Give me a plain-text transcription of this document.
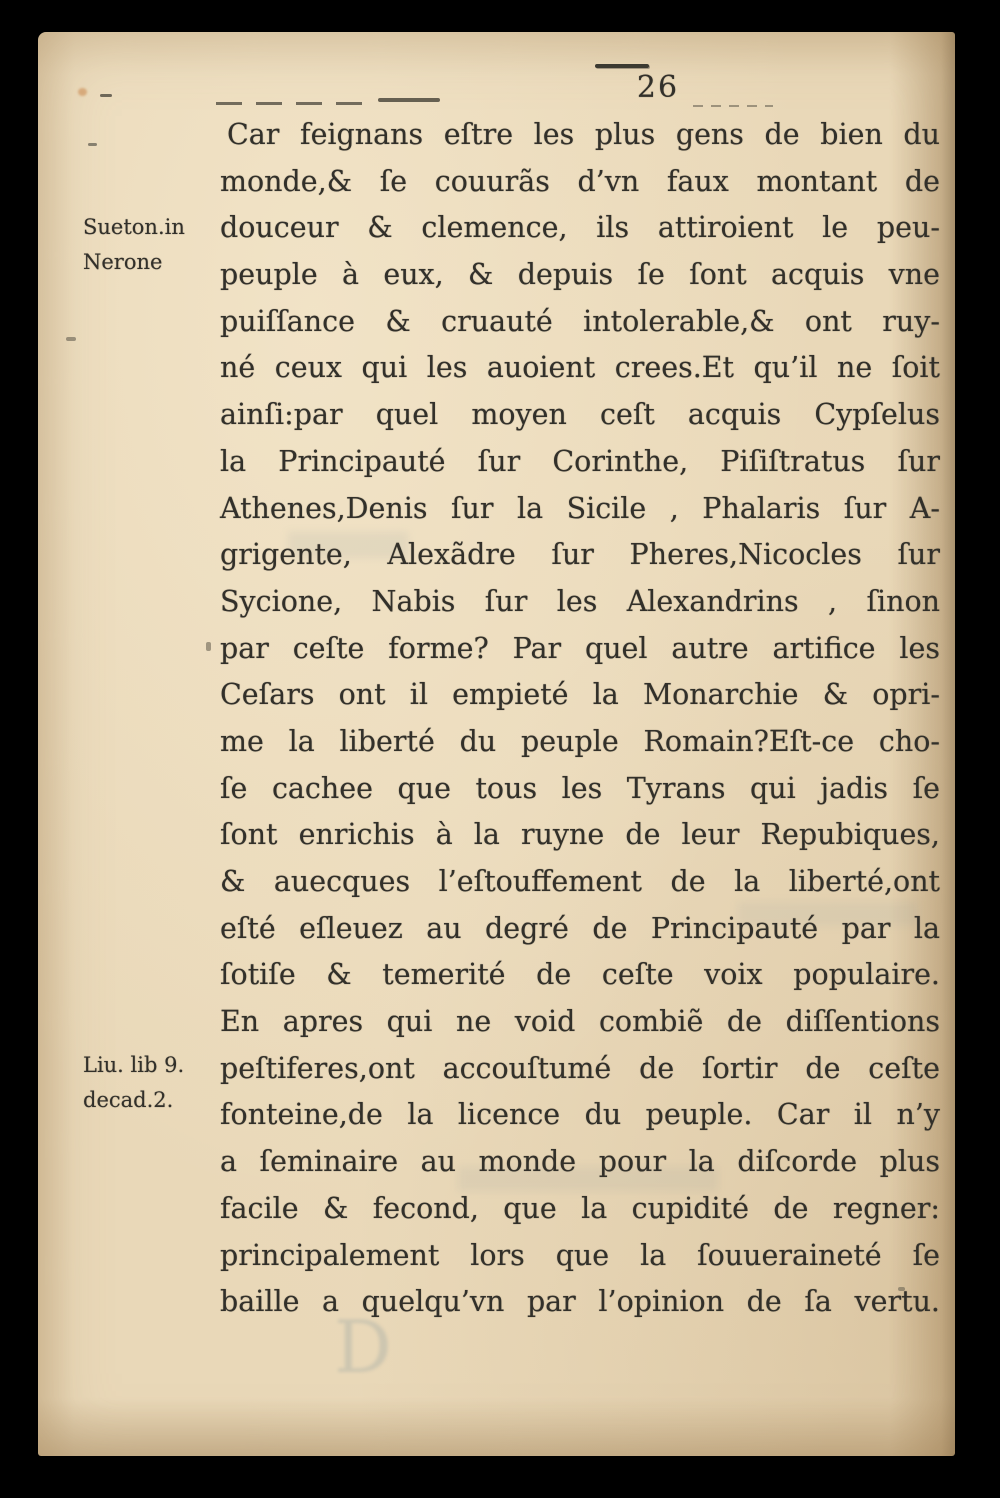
26
D
Sueton.in
Nerone
Liu. lib 9.
decad.2.
Car feignans eſtre les plus gens de bien du
monde,& ſe couurãs d’vn faux montant de
douceur & clemence, ils attiroient le peu-
peuple à eux, & depuis ſe ſont acquis vne
puiſſance & cruauté intolerable,& ont ruy-
né ceux qui les auoient crees.Et qu’il ne ſoit
ainſi:par quel moyen ceſt acquis Cypſelus
la Principauté ſur Corinthe, Piſiſtratus ſur
Athenes,Denis ſur la Sicile , Phalaris ſur A-
grigente, Alexãdre ſur Pheres,Nicocles ſur
Sycione, Nabis ſur les Alexandrins , ſinon
par ceſte forme? Par quel autre artifice les
Ceſars ont il empieté la Monarchie & opri-
me la liberté du peuple Romain?Eſt-ce cho-
ſe cachee que tous les Tyrans qui jadis ſe
ſont enrichis à la ruyne de leur Repubiques,
& auecques l’eſtouffement de la liberté,ont
eſté eſleuez au degré de Principauté par la
ſotiſe & temerité de ceſte voix populaire.
En apres qui ne void combiẽ de diſſentions
peſtiferes,ont accouſtumé de ſortir de ceſte
fonteine,de la licence du peuple. Car il n’y
a ſeminaire au monde pour la diſcorde plus
facile & fecond, que la cupidité de regner:
principalement lors que la ſouueraineté ſe
baille a quelqu’vn par l’opinion de ſa vertu.
